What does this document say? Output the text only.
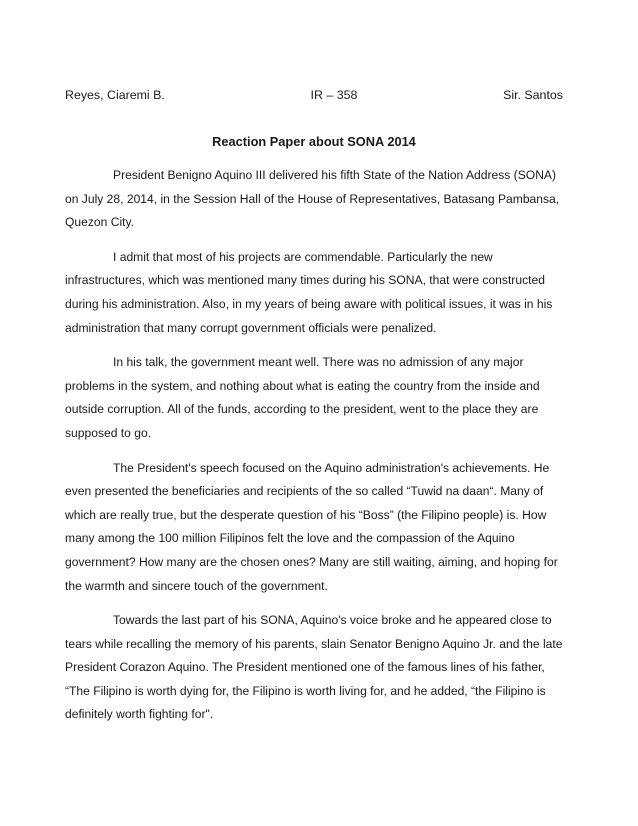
Reyes, Ciaremi B.	IR – 358	Sir. Santos
Reaction Paper about SONA 2014

President Benigno Aquino III delivered his fifth State of the Nation Address (SONA) on July 28, 2014, in the Session Hall of the House of Representatives, Batasang Pambansa, Quezon City.

I admit that most of his projects are commendable. Particularly the new infrastructures, which was mentioned many times during his SONA, that were constructed during his administration. Also, in my years of being aware with political issues, it was in his administration that many corrupt government officials were penalized.

In his talk, the government meant well. There was no admission of any major problems in the system, and nothing about what is eating the country from the inside and outside corruption. All of the funds, according to the president, went to the place they are supposed to go.

The President's speech focused on the Aquino administration's achievements. He even presented the beneficiaries and recipients of the so called “Tuwid na daan“. Many of which are really true, but the desperate question of his “Boss” (the Filipino people) is. How many among the 100 million Filipinos felt the love and the compassion of the Aquino government? How many are the chosen ones? Many are still waiting, aiming, and hoping for the warmth and sincere touch of the government.

Towards the last part of his SONA, Aquino's voice broke and he appeared close to tears while recalling the memory of his parents, slain Senator Benigno Aquino Jr. and the late President Corazon Aquino. The President mentioned one of the famous lines of his father, “The Filipino is worth dying for, the Filipino is worth living for, and he added, “the Filipino is definitely worth fighting for".
